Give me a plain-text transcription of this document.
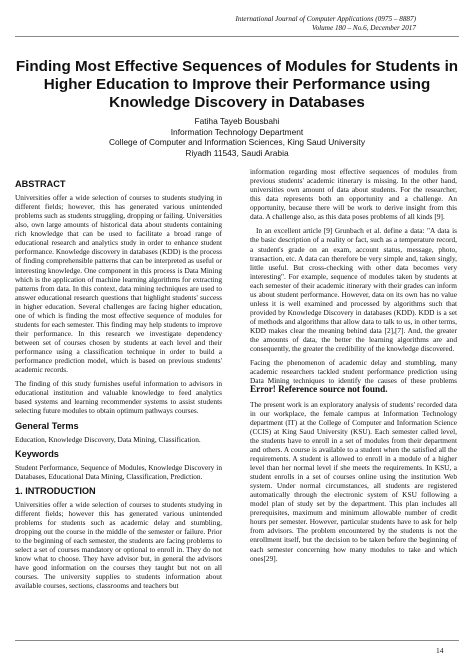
International Journal of Computer Applications (0975 – 8887)
Volume 180 – No.6, December 2017
Finding Most Effective Sequences of Modules for Students in Higher Education to Improve their Performance using Knowledge Discovery in Databases
Fatiha Tayeb Bousbahi
Information Technology Department
College of Computer and Information Sciences, King Saud University
Riyadh 11543, Saudi Arabia
ABSTRACT

Universities offer a wide selection of courses to students studying in different fields; however, this has generated various unintended problems such as students struggling, dropping or failing. Universities also, own large amounts of historical data about students containing rich knowledge that can be used to facilitate a broad range of educational research and analytics study in order to enhance student performance. Knowledge discovery in databases (KDD) is the process of finding comprehensible patterns that can be interpreted as useful or interesting knowledge. One component in this process is Data Mining which is the application of machine learning algorithms for extracting patterns from data. In this context, data mining techniques are used to answer educational research questions that highlight students' success in higher education. Several challenges are facing higher education, one of which is finding the most effective sequence of modules for students for each semester. This finding may help students to improve their performance. In this research we investigate dependency between set of courses chosen by students at each level and their performance using a classification technique in order to build a performance prediction model, which is based on previous students' academic records.

The finding of this study furnishes useful information to advisors in educational institution and valuable knowledge to feed analytics based systems and learning recommender systems to assist students selecting future modules to obtain optimum pathways courses.

General Terms

Education, Knowledge Discovery, Data Mining, Classification.

Keywords

Student Performance, Sequence of Modules, Knowledge Discovery in Databases, Educational Data Mining, Classification, Prediction.

1. INTRODUCTION

Universities offer a wide selection of courses to students studying in different fields; however this has generated various unintended problems for students such as academic delay and stumbling, dropping out the course in the middle of the semester or failure. Prior to the beginning of each semester, the students are facing problems to select a set of courses mandatory or optional to enroll in. They do not know what to choose. They have advisor but, in general the advisors have good information on the courses they taught but not on all courses. The university supplies to students information about available courses, sections, classrooms and teachers but

information regarding most effective sequences of modules from previous students' academic itinerary is missing. In the other hand, universities own amount of data about students. For the researcher, this data represents both an opportunity and a challenge. An opportunity, because there will be work to derive insight from this data. A challenge also, as this data poses problems of all kinds [9].

In an excellent article [9] Grunbach et al. define a data: "A data is the basic description of a reality or fact, such as a temperature record, a student's grade on an exam, account status, message, photo, transaction, etc. A data can therefore be very simple and, taken singly, little useful. But cross-checking with other data becomes very interesting". For example, sequence of modules taken by students at each semester of their academic itinerary with their grades can inform us about student performance. However, data on its own has no value unless it is well examined and processed by algorithms such that provided by Knowledge Discovery in databases (KDD). KDD is a set of methods and algorithms that allow data to talk to us, in other terms, KDD makes clear the meaning behind data [2],[7]. And, the greater the amounts of data, the better the learning algorithms are and consequently, the greater the credibility of the knowledge discovered.

Facing the phenomenon of academic delay and stumbling, many academic researchers tackled student performance prediction using Data Mining techniques to identify the causes of these problems Error! Reference source not found.

The present work is an exploratory analysis of students' recorded data in our workplace, the female campus at Information Technology department (IT) at the College of Computer and Information Science (CCIS) at King Saud University (KSU). Each semester called level, the students have to enroll in a set of modules from their department and others. A course is available to a student when the satisfied all the requirements. A student is allowed to enroll in a module of a higher level than her normal level if she meets the requirements. In KSU, a student enrolls in a set of courses online using the institution Web system. Under normal circumstances, all students are registered automatically through the electronic system of KSU following a model plan of study set by the department. This plan includes all prerequisites, maximum and minimum allowable number of credit hours per semester. However, particular students have to ask for help from advisors. The problem encountered by the students is not the enrollment itself, but the decision to be taken before the beginning of each semester concerning how many modules to take and which ones[29].

14
